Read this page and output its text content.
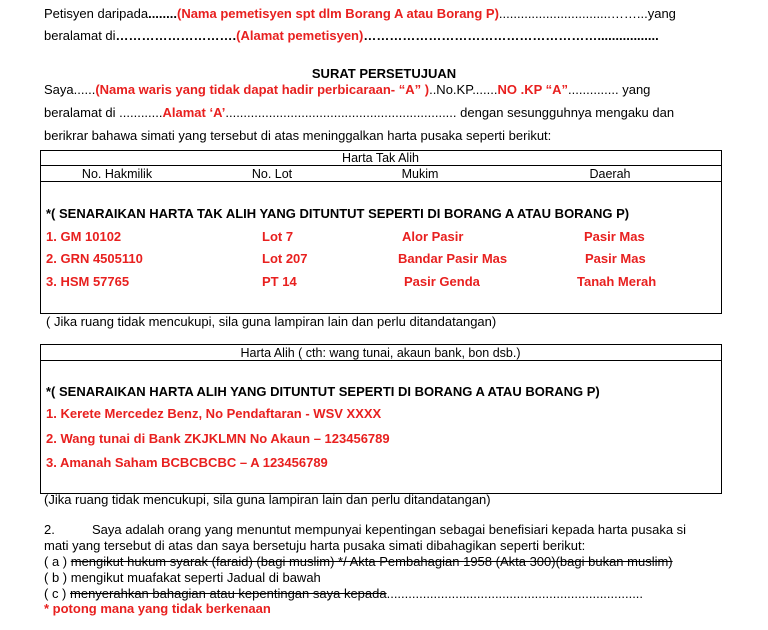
Petisyen daripada........(Nama pemetisyen spt dlm Borang A atau Borang P)...............................……...yang
beralamat di……………………….(Alamat pemetisyen)……………………………………………….................
SURAT PERSETUJUAN
Saya......(Nama waris yang tidak dapat hadir perbicaraan- “A” )..No.KP.......NO .KP “A”.............. yang
beralamat di ............Alamat ‘A’................................................................ dengan sesungguhnya mengaku dan
berikrar bahawa simati yang tersebut di atas meninggalkan harta pusaka seperti berikut:
Harta Tak Alih
No. Hakmilik	No. Lot	Mukim	Daerah
*( SENARAIKAN HARTA TAK ALIH YANG DITUNTUT SEPERTI DI BORANG A ATAU BORANG P)
1. GM 10102	Lot 7	Alor Pasir	Pasir Mas
2. GRN 4505110	Lot 207	Bandar Pasir Mas	Pasir Mas
3. HSM 57765	PT 14	Pasir Genda	Tanah Merah
( Jika ruang tidak mencukupi, sila guna lampiran lain dan perlu ditandatangan)
Harta Alih ( cth: wang tunai, akaun bank, bon dsb.)
*( SENARAIKAN HARTA ALIH YANG DITUNTUT SEPERTI DI BORANG A ATAU BORANG P)
1. Kerete Mercedez Benz, No Pendaftaran - WSV XXXX
2. Wang tunai di Bank ZKJKLMN No Akaun – 123456789
3. Amanah Saham BCBCBCBC – A 123456789
(Jika ruang tidak mencukupi, sila guna lampiran lain dan perlu ditandatangan)
2.	Saya adalah orang yang menuntut mempunyai kepentingan sebagai benefisiari kepada harta pusaka si
mati yang tersebut di atas dan saya bersetuju harta pusaka simati dibahagikan seperti berikut:
( a ) mengikut hukum syarak (faraid) (bagi muslim) */ Akta Pembahagian 1958 (Akta 300)(bagi bukan muslim)
( b ) mengikut muafakat seperti Jadual di bawah
( c ) menyerahkan bahagian atau kepentingan saya kepada.......................................................................
* potong mana yang tidak berkenaan
